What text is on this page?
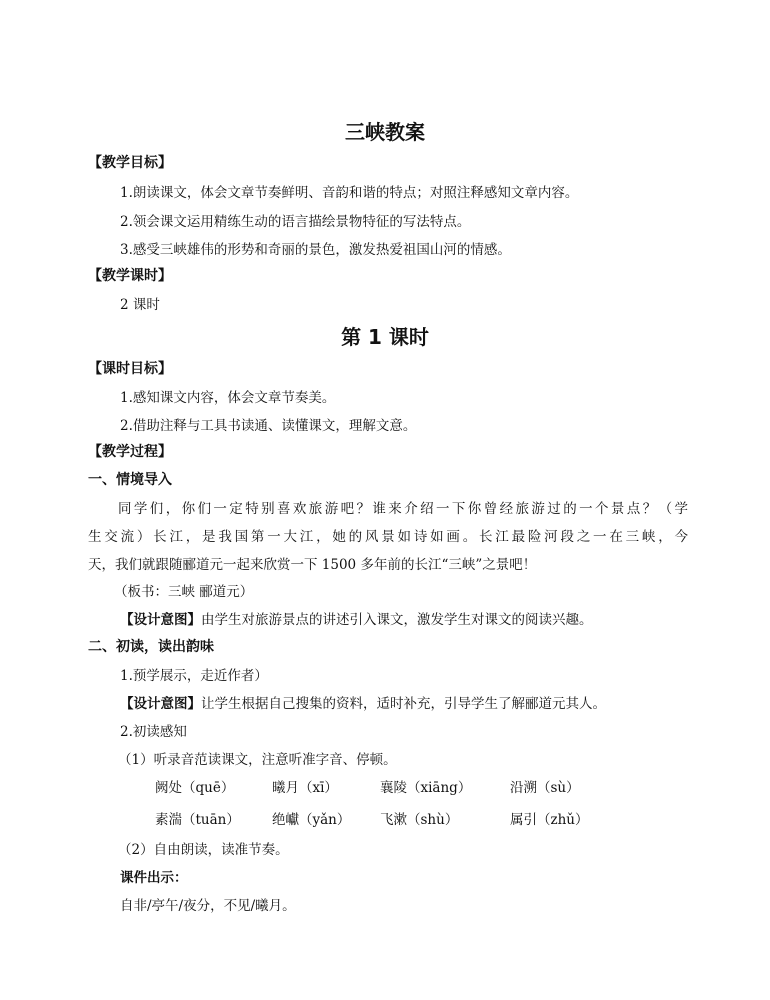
三峡教案
【教学目标】
1.朗读课文，体会文章节奏鲜明、音韵和谐的特点；对照注释感知文章内容。
2.领会课文运用精练生动的语言描绘景物特征的写法特点。
3.感受三峡雄伟的形势和奇丽的景色，激发热爱祖国山河的情感。
【教学课时】
2 课时
第 1 课时
【课时目标】
1.感知课文内容，体会文章节奏美。
2.借助注释与工具书读通、读懂课文，理解文意。
【教学过程】
一、情境导入
同学们，你们一定特别喜欢旅游吧？谁来介绍一下你曾经旅游过的一个景点？（学
生交流）长江，是我国第一大江，她的风景如诗如画。长江最险河段之一在三峡，今
天，我们就跟随郦道元一起来欣赏一下 1500 多年前的长江“三峡”之景吧！
（板书：三峡 郦道元）
【设计意图】由学生对旅游景点的讲述引入课文，激发学生对课文的阅读兴趣。
二、初读，读出韵味
1.预学展示，走近作者）
【设计意图】让学生根据自己搜集的资料，适时补充，引导学生了解郦道元其人。
2.初读感知
（1）听录音范读课文，注意听准字音、停顿。
阙处（quē）	曦月（xī）	襄陵（xiāng）	沿溯（sù）
素湍（tuān） 绝巘（yǎn） 飞漱（shù）	属引（zhǔ）
（2）自由朗读，读准节奏。
课件出示：
自非/亭午/夜分，不见/曦月。
